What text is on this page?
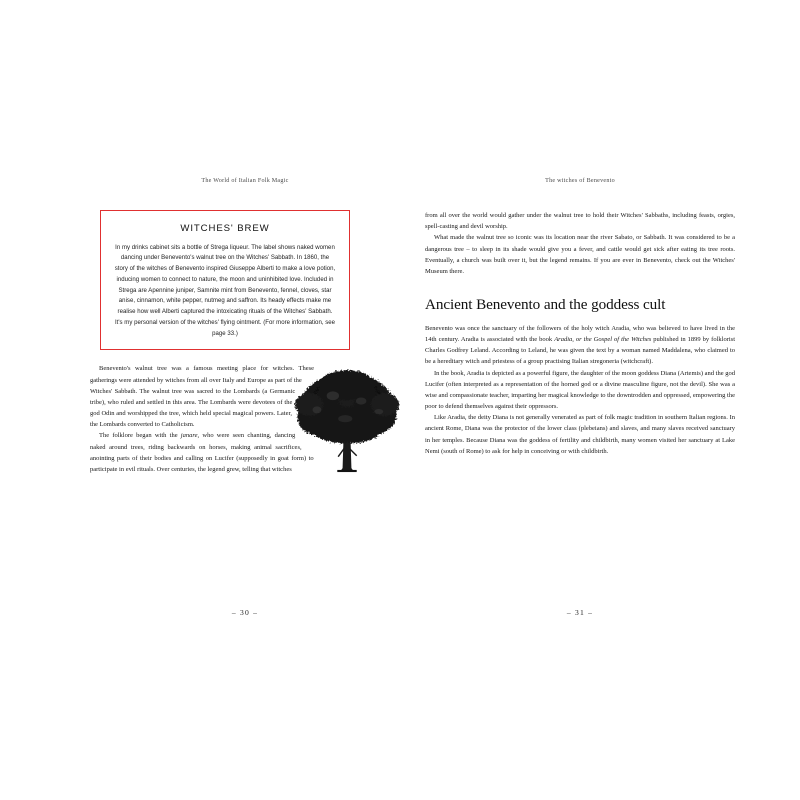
The World of Italian Folk Magic
WITCHES' BREW
In my drinks cabinet sits a bottle of Strega liqueur. The label shows naked women dancing under Benevento's walnut tree on the Witches' Sabbath. In 1860, the story of the witches of Benevento inspired Giuseppe Alberti to make a love potion, inducing women to connect to nature, the moon and uninhibited love. Included in Strega are Apennine juniper, Samnite mint from Benevento, fennel, cloves, star anise, cinnamon, white pepper, nutmeg and saffron. Its heady effects make me realise how well Alberti captured the intoxicating rituals of the Witches' Sabbath. It's my personal version of the witches' flying ointment. (For more information, see page 33.)

Benevento's walnut tree was a famous meeting place for witches. These gatherings were attended by witches from all over Italy and Europe as part of the Witches' Sabbath. The walnut tree was sacred to the Lombards (a Germanic tribe), who ruled and settled in this area. The Lombards were devotees of the god Odin and worshipped the tree, which held special magical powers. Later, the Lombards converted to Catholicism.

The folklore began with the janare, who were seen chanting, dancing naked around trees, riding backwards on horses, making animal sacrifices, anointing parts of their bodies and calling on Lucifer (supposedly in goat form) to participate in evil rituals. Over centuries, the legend grew, telling that witches

– 30 –
The witches of Benevento

from all over the world would gather under the walnut tree to hold their Witches' Sabbaths, including feasts, orgies, spell-casting and devil worship.

What made the walnut tree so iconic was its location near the river Sabato, or Sabbath. It was considered to be a dangerous tree – to sleep in its shade would give you a fever, and cattle would get sick after eating its tree roots. Eventually, a church was built over it, but the legend remains. If you are ever in Benevento, check out the Witches' Museum there.

Ancient Benevento and the goddess cult

Benevento was once the sanctuary of the followers of the holy witch Aradia, who was believed to have lived in the 14th century. Aradia is associated with the book Aradia, or the Gospel of the Witches published in 1899 by folklorist Charles Godfrey Leland. According to Leland, he was given the text by a woman named Maddalena, who claimed to be a hereditary witch and priestess of a group practising Italian stregoneria (witchcraft).

In the book, Aradia is depicted as a powerful figure, the daughter of the moon goddess Diana (Artemis) and the god Lucifer (often interpreted as a representation of the horned god or a divine masculine figure, not the devil). She was a wise and compassionate teacher, imparting her magical knowledge to the downtrodden and oppressed, empowering the poor to defend themselves against their oppressors.

Like Aradia, the deity Diana is not generally venerated as part of folk magic tradition in southern Italian regions. In ancient Rome, Diana was the protector of the lower class (plebeians) and slaves, and many slaves received sanctuary in her temples. Because Diana was the goddess of fertility and childbirth, many women visited her sanctuary at Lake Nemi (south of Rome) to ask for help in conceiving or with childbirth.

– 31 –
